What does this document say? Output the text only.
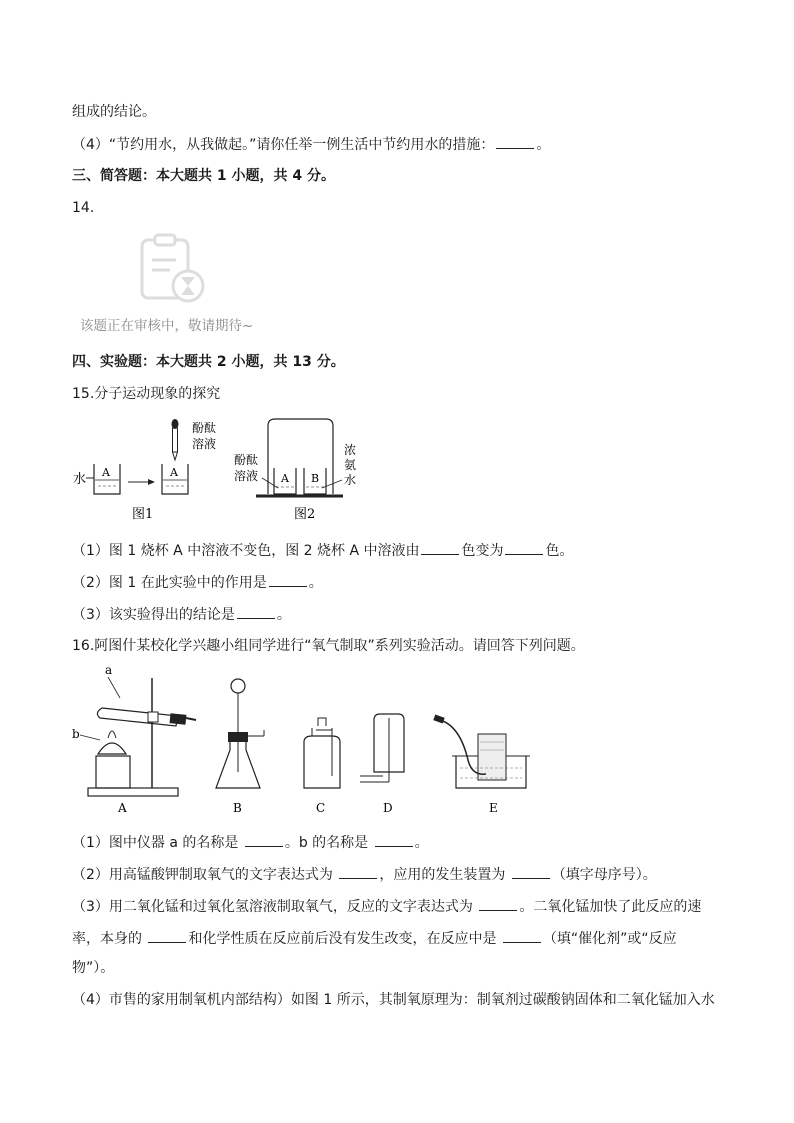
组成的结论。
（4）“节约用水，从我做起。”请你任举一例生活中节约用水的措施：	。
三、简答题：本大题共 1 小题，共 4 分。
14.
该题正在审核中，敬请期待~
四、实验题：本大题共 2 小题，共 13 分。
15.分子运动现象的探究
水 A	A
酚酞
溶液
图1
A B
酚酞
溶液
浓
氨
水
图2
（1）图 1 烧杯 A 中溶液不变色，图 2 烧杯 A 中溶液由	色变为	色。
（2）图 1 在此实验中的作用是	。
（3）该实验得出的结论是	。
16.阿图什某校化学兴趣小组同学进行“氧气制取”系列实验活动。请回答下列问题。
a
b
A	B	C	D	E
（1）图中仪器 a 的名称是	。b 的名称是	。
（2）用高锰酸钾制取氧气的文字表达式为	，应用的发生装置为	（填字母序号）。
（3）用二氧化锰和过氧化氢溶液制取氧气，反应的文字表达式为	。二氧化锰加快了此反应的速
率，本身的	和化学性质在反应前后没有发生改变，在反应中是	（填“催化剂”或“反应
物”）。
（4）市售的家用制氧机内部结构）如图 1 所示，其制氧原理为：制氧剂过碳酸钠固体和二氧化锰加入水
